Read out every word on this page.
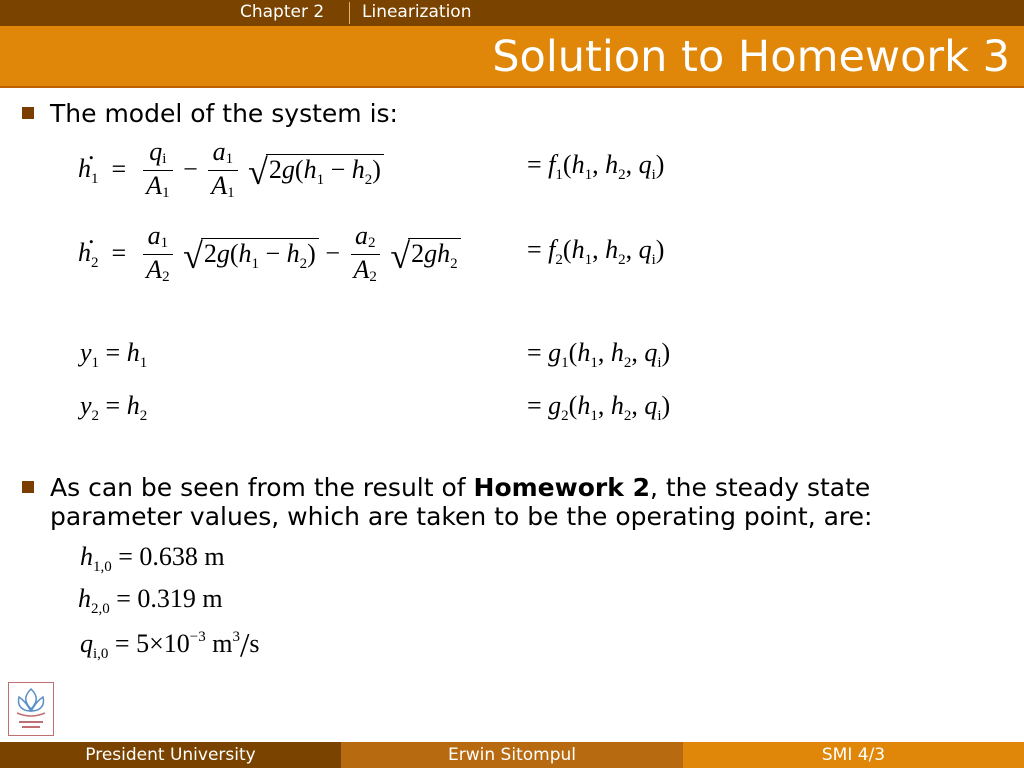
Chapter 2 Linearization
Solution to Homework 3
The model of the system is:
. $h_1 = \frac{qi}{A1} - \frac{a1}{A1} √2g(h_1 - h_2)$	= $f_1(h_1$, $h_2$, $q_i$)
. $h_2 = \frac{a1}{A2} √2g(h_1 - h_2) - \frac{a2}{A2} √2gh_2$	= $f_2(h_1$, $h_2$, $q_i$)
$y_1 = h_1$	= $g_1(h_1$, $h_2$, $q_i$)
$y_2 = h_2$	= $g_2(h_1$, $h_2$, $q_i$)
As can be seen from the result of Homework 2, the steady state parameter values, which are taken to be the operating point, are:
$h_{1,0} = 0.638$ m
$h_{2,0} = 0.319$ m
$q_{i,0} = 5\times 10^{-3}$ $m^3/s$
President University	Erwin Sitompul	SMI 4/3
